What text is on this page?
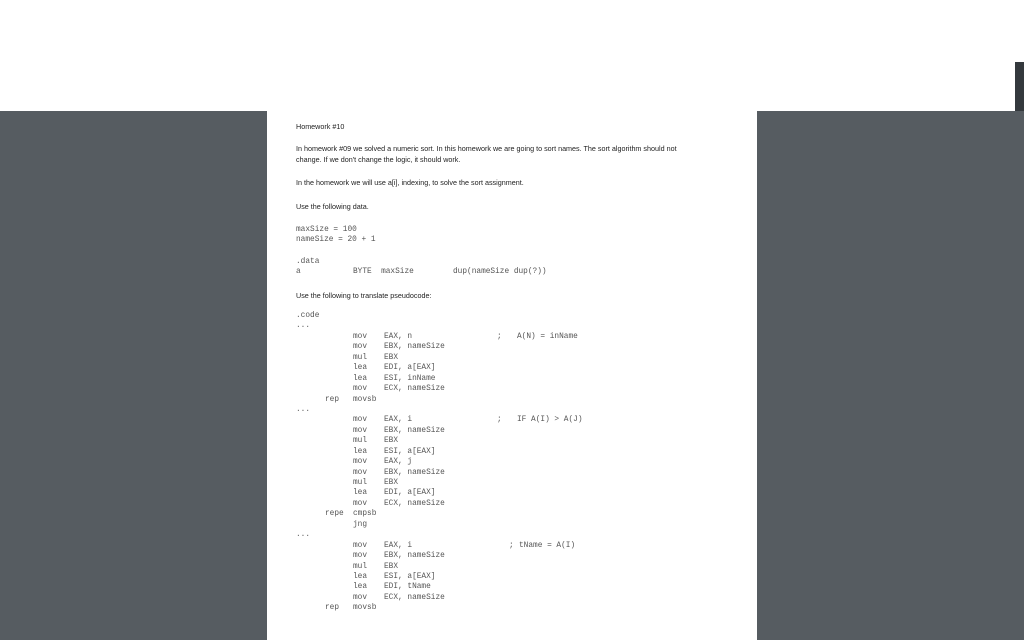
Homework #10
In homework #09 we solved a numeric sort. In this homework we are going to sort names. The sort algorithm should not
change. If we don't change the logic, it should work.
In the homework we will use a[i], indexing, to solve the sort assignment.
Use the following data.
maxSize = 100
nameSize = 20 + 1
.data
a	BYTE  maxSize	dup(nameSize dup(?))
Use the following to translate pseudocode:
.code
...
mov EAX, n	; A(N) = inName
mov EBX, nameSize
mul EBX
lea EDI, a[EAX]
lea ESI, inName
mov ECX, nameSize
rep movsb
...
mov EAX, i	; IF A(I) > A(J)
mov EBX, nameSize
mul EBX
lea ESI, a[EAX]
mov EAX, j
mov EBX, nameSize
mul EBX
lea EDI, a[EAX]
mov ECX, nameSize
repe cmpsb
jng
...
mov EAX, i	; tName = A(I)
mov EBX, nameSize
mul EBX
lea ESI, a[EAX]
lea EDI, tName
mov ECX, nameSize
rep movsb
